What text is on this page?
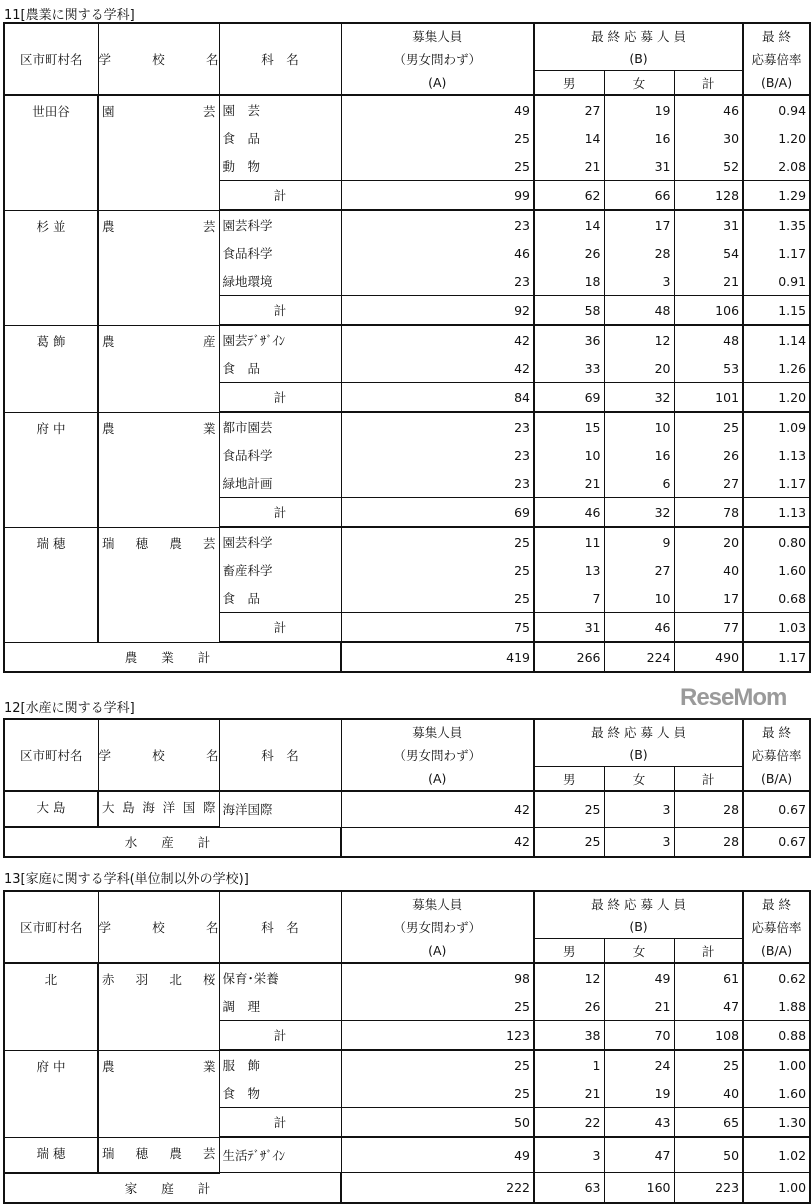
11[農業に関する学科]
区市町村名	学　　校　　名	科　名	募集人員	最 終 応 募 人 員			最 終
			（男女問わず）	(B)			応募倍率
			(A)	男	女	計	(B/A)
世田谷	園芸	園　芸	49	27	19	46	0.94
		食　品	25	14	16	30	1.20
		動　物	25	21	31	52	2.08
		計	99	62	66	128	1.29
杉 並	農芸	園芸科学	23	14	17	31	1.35
		食品科学	46	26	28	54	1.17
		緑地環境	23	18	3	21	0.91
		計	92	58	48	106	1.15
葛 飾	農産	園芸ﾃﾞｻﾞｲﾝ	42	36	12	48	1.14
		食　品	42	33	20	53	1.26
		計	84	69	32	101	1.20
府 中	農業	都市園芸	23	15	10	25	1.09
		食品科学	23	10	16	26	1.13
		緑地計画	23	21	6	27	1.17
		計	69	46	32	78	1.13
瑞 穂	瑞穂農芸	園芸科学	25	11	9	20	0.80
		畜産科学	25	13	27	40	1.60
		食　品	25	7	10	17	0.68
		計	75	31	46	77	1.03
農 業 計			419	266	224	490	1.17
12[水産に関する学科]
区市町村名	学　　校　　名	科　名	募集人員	最 終 応 募 人 員			最 終
			（男女問わず）	(B)			応募倍率
			(A)	男	女	計	(B/A)
大 島	大島海洋国際	海洋国際	42	25	3	28	0.67
水 産 計			42	25	3	28	0.67
13[家庭に関する学科(単位制以外の学校)]
区市町村名	学　　校　　名	科　名	募集人員	最 終 応 募 人 員			最 終
			（男女問わず）	(B)			応募倍率
			(A)	男	女	計	(B/A)
北	赤羽北桜	保育･栄養	98	12	49	61	0.62
		調　理	25	26	21	47	1.88
		計	123	38	70	108	0.88
府 中	農業	服　飾	25	1	24	25	1.00
		食　物	25	21	19	40	1.60
		計	50	22	43	65	1.30
瑞 穂	瑞穂農芸	生活ﾃﾞｻﾞｲﾝ	49	3	47	50	1.02
家 庭 計			222	63	160	223	1.00
ReseMom
